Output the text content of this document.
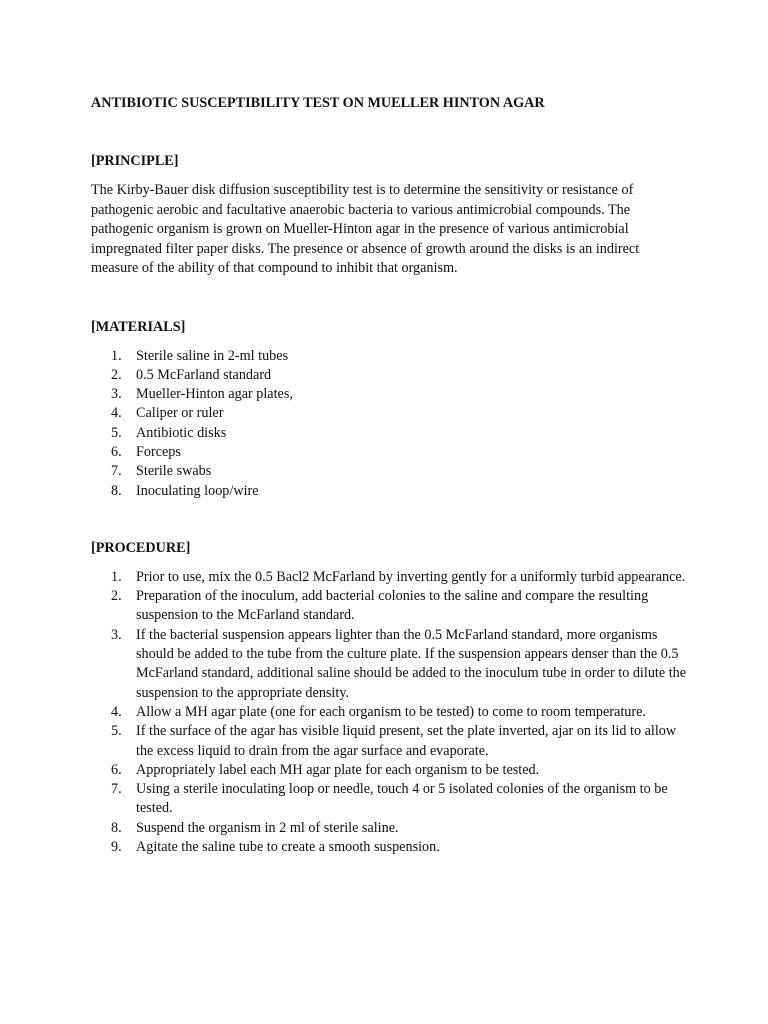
ANTIBIOTIC SUSCEPTIBILITY TEST ON MUELLER HINTON AGAR
[PRINCIPLE]

The Kirby-Bauer disk diffusion susceptibility test is to determine the sensitivity or resistance of pathogenic aerobic and facultative anaerobic bacteria to various antimicrobial compounds. The pathogenic organism is grown on Mueller-Hinton agar in the presence of various antimicrobial impregnated filter paper disks. The presence or absence of growth around the disks is an indirect measure of the ability of that compound to inhibit that organism.

[MATERIALS]
1. Sterile saline in 2-ml tubes
2. 0.5 McFarland standard
3. Mueller-Hinton agar plates,
4. Caliper or ruler
5. Antibiotic disks
6. Forceps
7. Sterile swabs
8. Inoculating loop/wire
[PROCEDURE]
1. Prior to use, mix the 0.5 Bacl2 McFarland by inverting gently for a uniformly turbid appearance.
2. Preparation of the inoculum, add bacterial colonies to the saline and compare the resulting suspension to the McFarland standard.
3. If the bacterial suspension appears lighter than the 0.5 McFarland standard, more organisms should be added to the tube from the culture plate. If the suspension appears denser than the 0.5 McFarland standard, additional saline should be added to the inoculum tube in order to dilute the suspension to the appropriate density.
4. Allow a MH agar plate (one for each organism to be tested) to come to room temperature.
5. If the surface of the agar has visible liquid present, set the plate inverted, ajar on its lid to allow the excess liquid to drain from the agar surface and evaporate.
6. Appropriately label each MH agar plate for each organism to be tested.
7. Using a sterile inoculating loop or needle, touch 4 or 5 isolated colonies of the organism to be tested.
8. Suspend the organism in 2 ml of sterile saline.
9. Agitate the saline tube to create a smooth suspension.
